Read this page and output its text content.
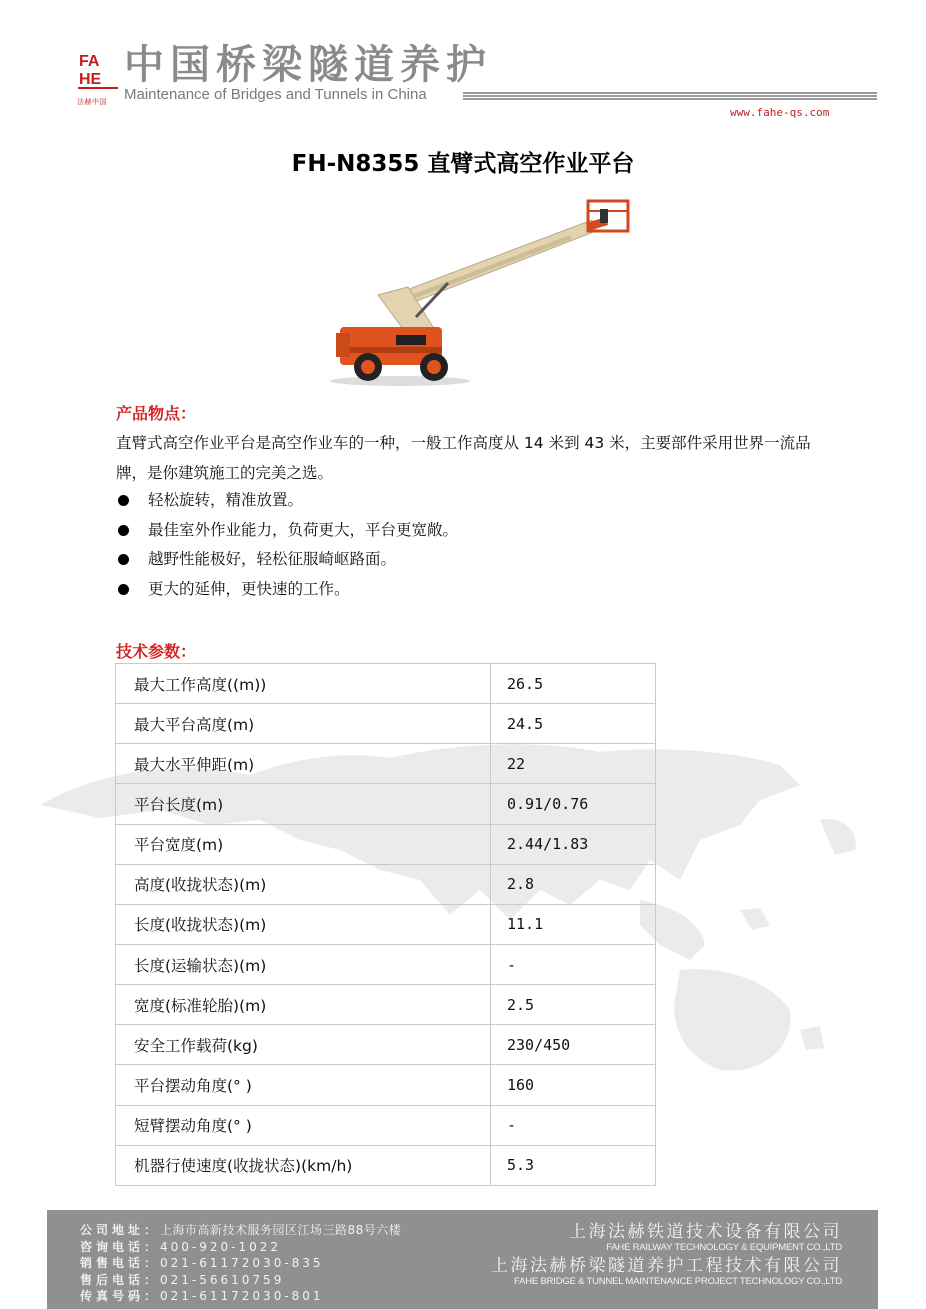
FA
HE
法赫中国
中国桥梁隧道养护
Maintenance of Bridges and Tunnels in China
www.fahe-qs.com
FH-N8355 直臂式高空作业平台
产品物点：
直臂式高空作业平台是高空作业车的一种，一般工作高度从 14 米到 43 米，主要部件采用世界一流品牌，是你建筑施工的完美之选。
轻松旋转，精准放置。
最佳室外作业能力，负荷更大，平台更宽敞。
越野性能极好，轻松征服崎岖路面。
更大的延伸，更快速的工作。
技术参数：
最大工作高度((m))	26.5
最大平台高度(m)	24.5
最大水平伸距(m)	22
平台长度(m)	0.91/0.76
平台宽度(m)	2.44/1.83
高度(收拢状态)(m)	2.8
长度(收拢状态)(m)	11.1
长度(运输状态)(m)	-
宽度(标准轮胎)(m)	2.5
安全工作载荷(kg)	230/450
平台摆动角度(° )	160
短臂摆动角度(° )	-
机器行使速度(收拢状态)(km/h)	5.3
公司地址：上海市高新技术服务园区江场三路88号六楼
咨询电话：400-920-1022
销售电话：021-61172030-835
售后电话：021-56610759
传真号码：021-61172030-801
上海法赫铁道技术设备有限公司
FAHE RAILWAY TECHNOLOGY & EQUIPMENT CO.,LTD
上海法赫桥梁隧道养护工程技术有限公司
FAHE BRIDGE & TUNNEL MAINTENANCE PROJECT TECHNOLOGY CO.,LTD
